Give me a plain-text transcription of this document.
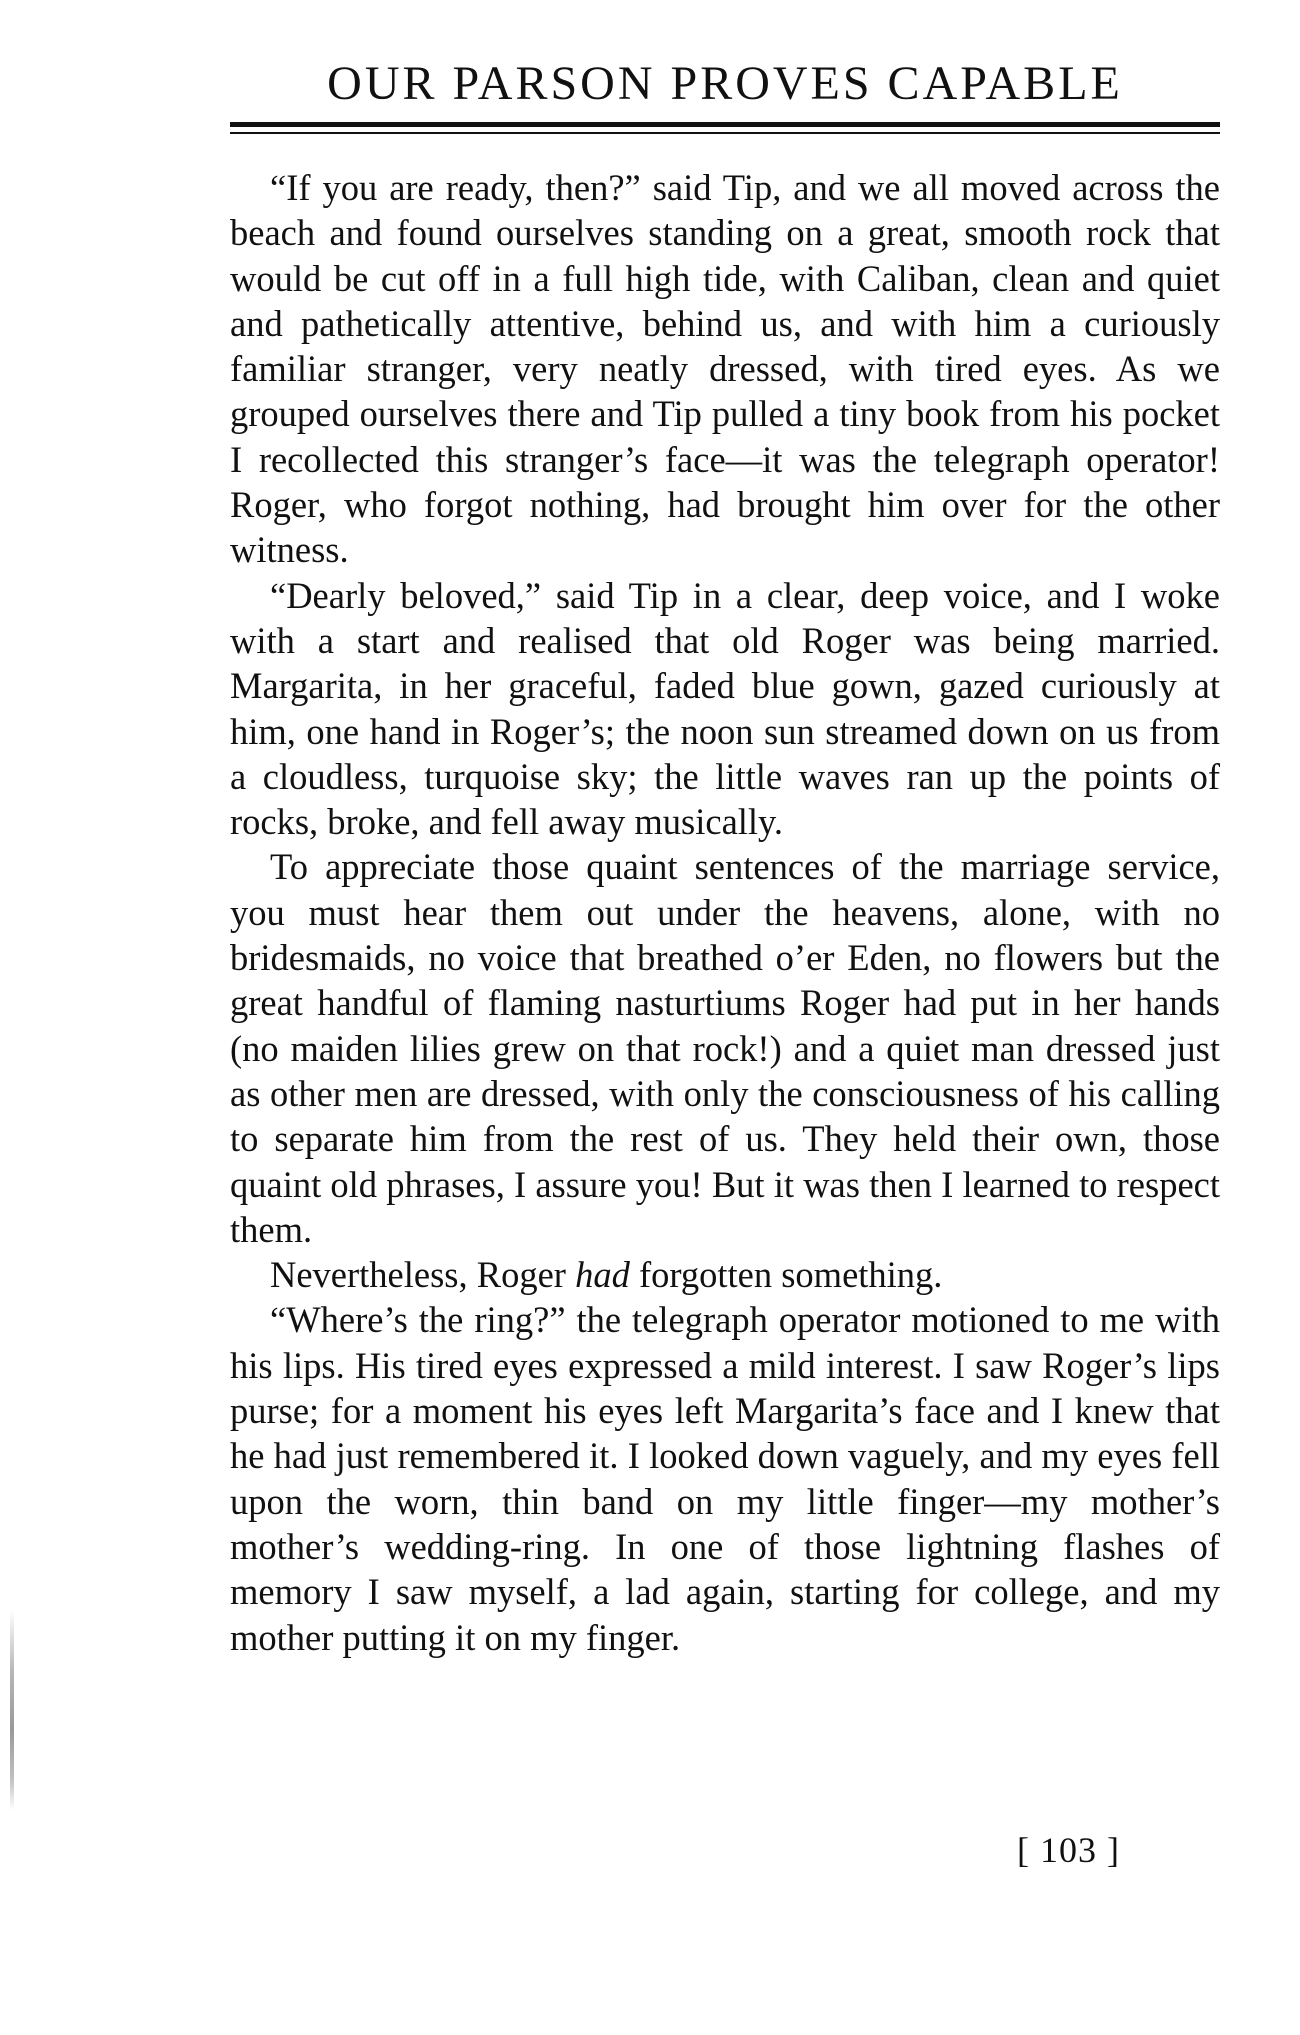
OUR PARSON PROVES CAPABLE

“If you are ready, then?” said Tip, and we all moved across the beach and found ourselves standing on a great, smooth rock that would be cut off in a full high tide, with Caliban, clean and quiet and pathetically attentive, behind us, and with him a curiously familiar stranger, very neatly dressed, with tired eyes. As we grouped ourselves there and Tip pulled a tiny book from his pocket I recollected this stranger’s face—it was the telegraph operator! Roger, who forgot nothing, had brought him over for the other witness.

“Dearly beloved,” said Tip in a clear, deep voice, and I woke with a start and realised that old Roger was being married. Margarita, in her graceful, faded blue gown, gazed curiously at him, one hand in Roger’s; the noon sun streamed down on us from a cloudless, turquoise sky; the little waves ran up the points of rocks, broke, and fell away musically.

To appreciate those quaint sentences of the marriage service, you must hear them out under the heavens, alone, with no bridesmaids, no voice that breathed o’er Eden, no flowers but the great handful of flaming nasturtiums Roger had put in her hands (no maiden lilies grew on that rock!) and a quiet man dressed just as other men are dressed, with only the consciousness of his calling to separate him from the rest of us. They held their own, those quaint old phrases, I assure you! But it was then I learned to respect them.

Nevertheless, Roger had forgotten something.

“Where’s the ring?” the telegraph operator motioned to me with his lips. His tired eyes expressed a mild interest. I saw Roger’s lips purse; for a moment his eyes left Margarita’s face and I knew that he had just remembered it. I looked down vaguely, and my eyes fell upon the worn, thin band on my little finger—my mother’s mother’s wedding-ring. In one of those lightning flashes of memory I saw myself, a lad again, starting for college, and my mother putting it on my finger.

[ 103 ]
